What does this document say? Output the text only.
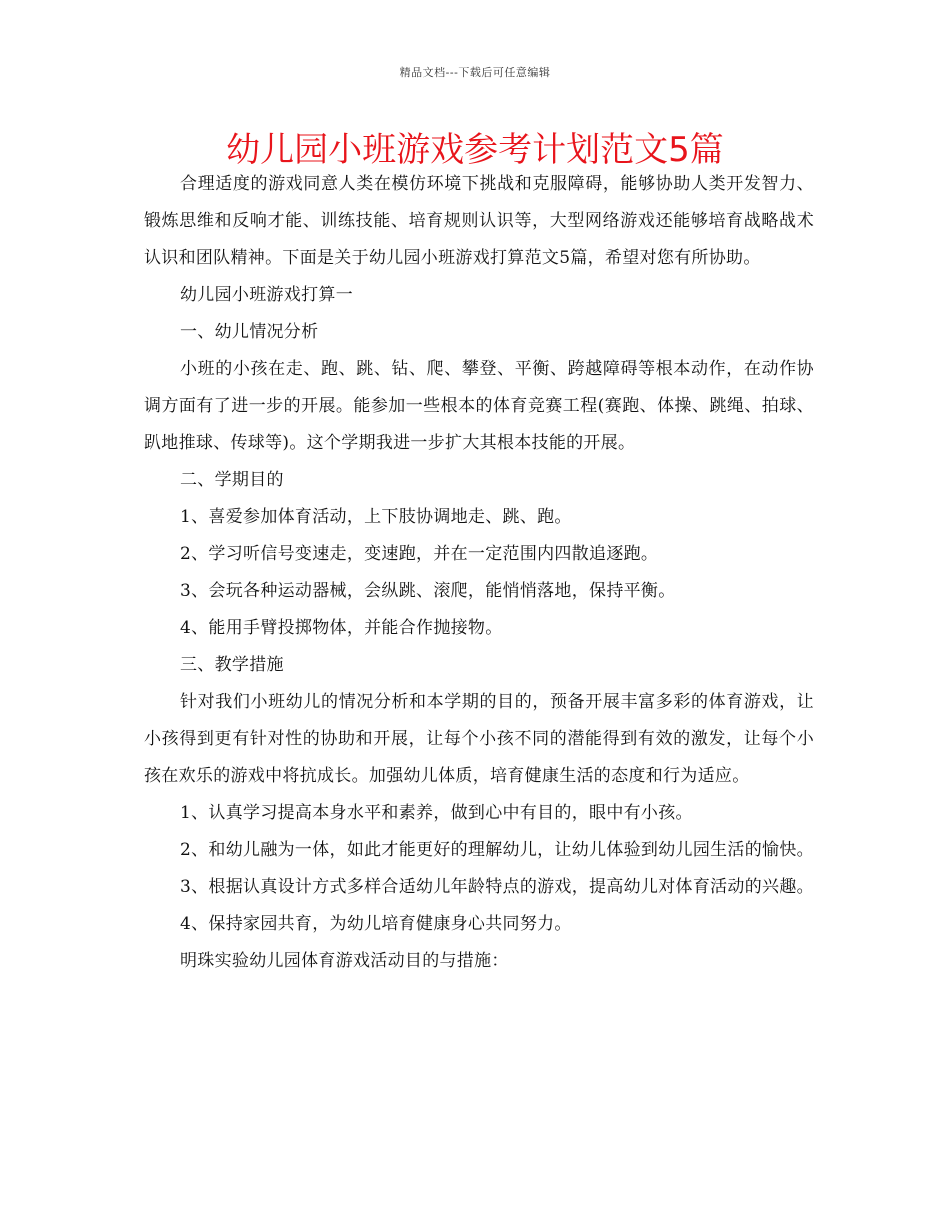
精品文档---下载后可任意编辑
幼儿园小班游戏参考计划范文5篇

合理适度的游戏同意人类在模仿环境下挑战和克服障碍，能够协助人类开发智力、锻炼思维和反响才能、训练技能、培育规则认识等，大型网络游戏还能够培育战略战术认识和团队精神。下面是关于幼儿园小班游戏打算范文5篇，希望对您有所协助。

幼儿园小班游戏打算一

一、幼儿情况分析

小班的小孩在走、跑、跳、钻、爬、攀登、平衡、跨越障碍等根本动作，在动作协调方面有了进一步的开展。能参加一些根本的体育竞赛工程(赛跑、体操、跳绳、拍球、趴地推球、传球等)。这个学期我进一步扩大其根本技能的开展。

二、学期目的

1、喜爱参加体育活动，上下肢协调地走、跳、跑。

2、学习听信号变速走，变速跑，并在一定范围内四散追逐跑。

3、会玩各种运动器械，会纵跳、滚爬，能悄悄落地，保持平衡。

4、能用手臂投掷物体，并能合作抛接物。

三、教学措施

针对我们小班幼儿的情况分析和本学期的目的，预备开展丰富多彩的体育游戏，让小孩得到更有针对性的协助和开展，让每个小孩不同的潜能得到有效的激发，让每个小孩在欢乐的游戏中将抗成长。加强幼儿体质，培育健康生活的态度和行为适应。

1、认真学习提高本身水平和素养，做到心中有目的，眼中有小孩。

2、和幼儿融为一体，如此才能更好的理解幼儿，让幼儿体验到幼儿园生活的愉快。

3、根据认真设计方式多样合适幼儿年龄特点的游戏，提高幼儿对体育活动的兴趣。

4、保持家园共育，为幼儿培育健康身心共同努力。

明珠实验幼儿园体育游戏活动目的与措施：
